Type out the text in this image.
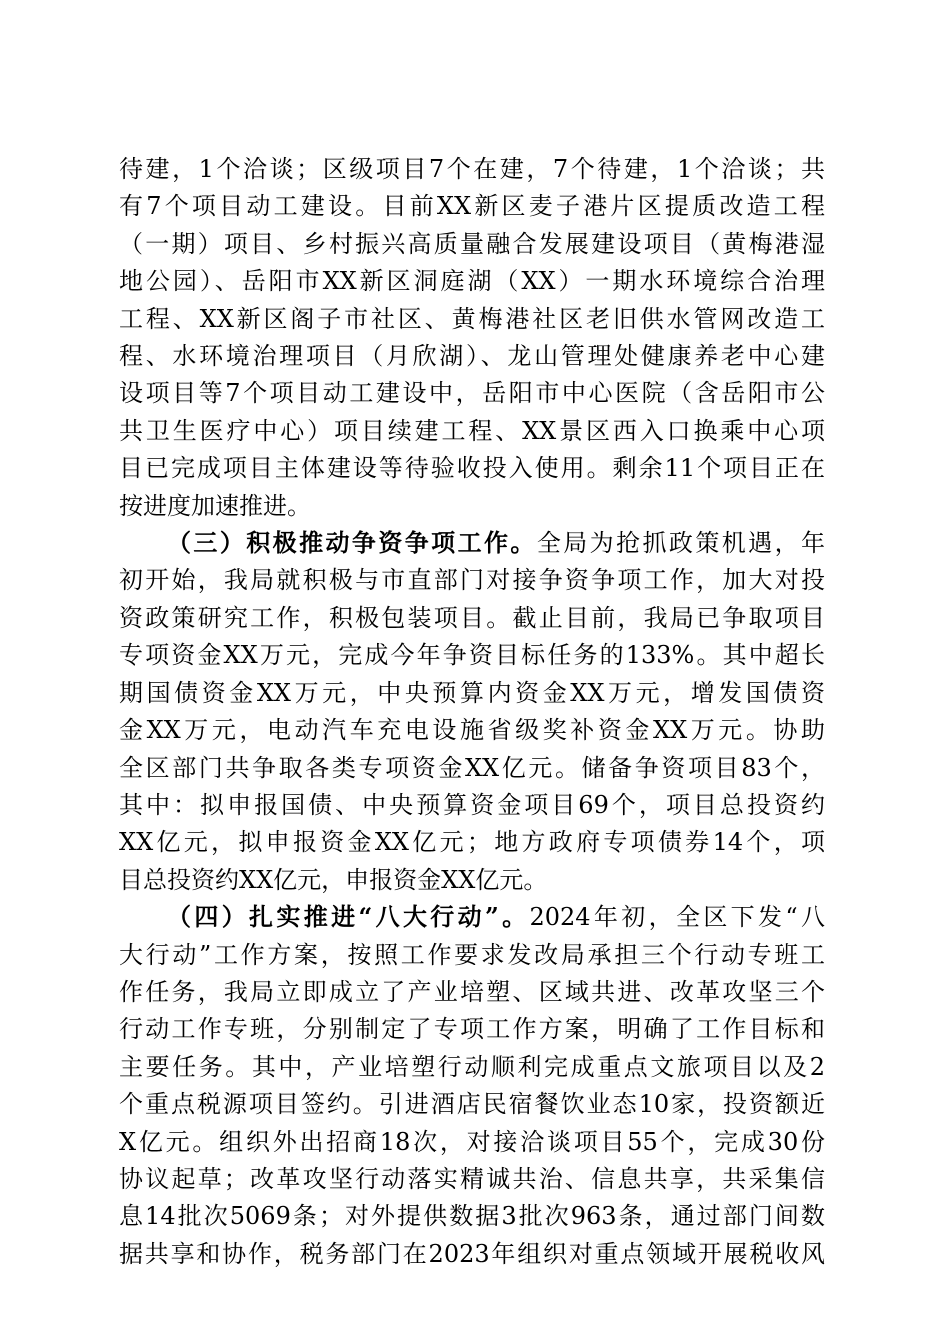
待建，1个洽谈；区级项目7个在建，7个待建，1个洽谈；共
有7个项目动工建设。目前XX新区麦子港片区提质改造工程
（一期）项目、乡村振兴高质量融合发展建设项目（黄梅港湿
地公园）、岳阳市XX新区洞庭湖（XX）一期水环境综合治理
工程、XX新区阁子市社区、黄梅港社区老旧供水管网改造工
程、水环境治理项目（月欣湖）、龙山管理处健康养老中心建
设项目等7个项目动工建设中，岳阳市中心医院（含岳阳市公
共卫生医疗中心）项目续建工程、XX景区西入口换乘中心项
目已完成项目主体建设等待验收投入使用。剩余11个项目正在
按进度加速推进。
（三）积极推动争资争项工作。全局为抢抓政策机遇，年
初开始，我局就积极与市直部门对接争资争项工作，加大对投
资政策研究工作，积极包装项目。截止目前，我局已争取项目
专项资金XX万元，完成今年争资目标任务的133%。其中超长
期国债资金XX万元，中央预算内资金XX万元，增发国债资
金XX万元，电动汽车充电设施省级奖补资金XX万元。协助
全区部门共争取各类专项资金XX亿元。储备争资项目83个，
其中：拟申报国债、中央预算资金项目69个，项目总投资约
XX亿元，拟申报资金XX亿元；地方政府专项债券14个，项
目总投资约XX亿元，申报资金XX亿元。
（四）扎实推进“八大行动”。2024年初，全区下发“八
大行动”工作方案，按照工作要求发改局承担三个行动专班工
作任务，我局立即成立了产业培塑、区域共进、改革攻坚三个
行动工作专班，分别制定了专项工作方案，明确了工作目标和
主要任务。其中，产业培塑行动顺利完成重点文旅项目以及2
个重点税源项目签约。引进酒店民宿餐饮业态10家，投资额近
X亿元。组织外出招商18次，对接洽谈项目55个，完成30份
协议起草；改革攻坚行动落实精诚共治、信息共享，共采集信
息14批次5069条；对外提供数据3批次963条，通过部门间数
据共享和协作，税务部门在2023年组织对重点领域开展税收风
